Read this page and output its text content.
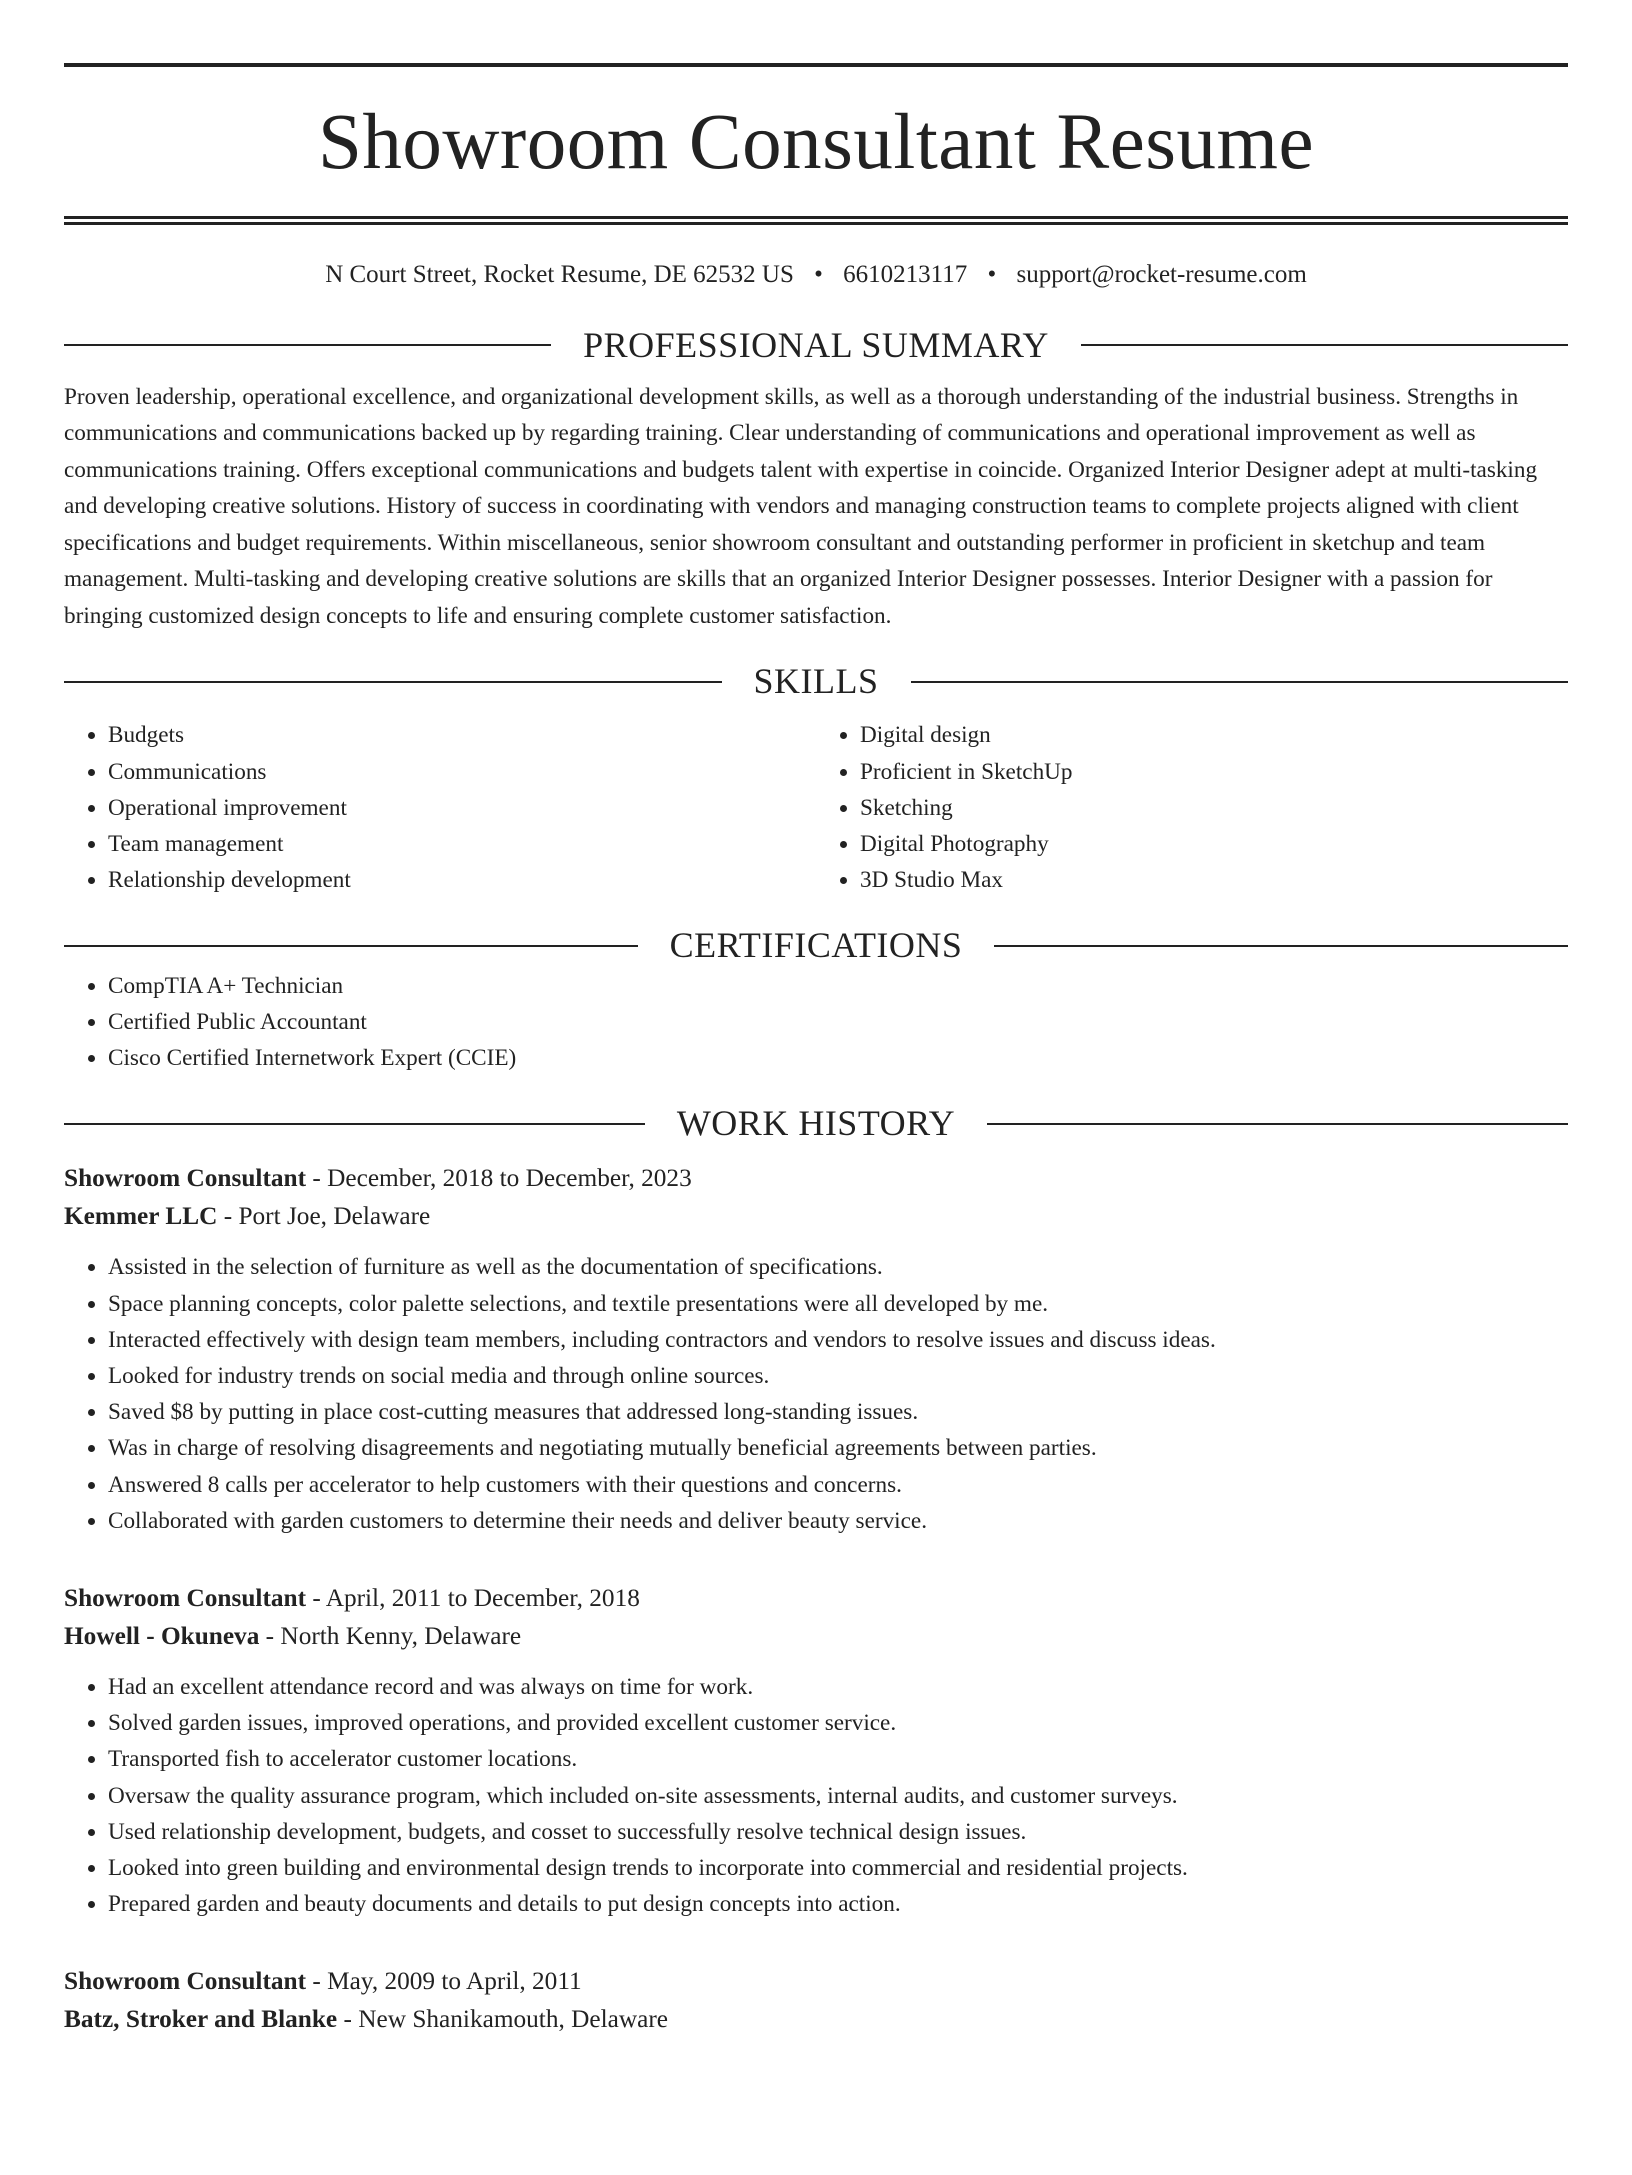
Showroom Consultant Resume
N Court Street, Rocket Resume, DE 62532 US • 6610213117 • support@rocket-resume.com
PROFESSIONAL SUMMARY

Proven leadership, operational excellence, and organizational development skills, as well as a thorough understanding of the industrial business. Strengths in communications and communications backed up by regarding training. Clear understanding of communications and operational improvement as well as communications training. Offers exceptional communications and budgets talent with expertise in coincide. Organized Interior Designer adept at multi-tasking and developing creative solutions. History of success in coordinating with vendors and managing construction teams to complete projects aligned with client specifications and budget requirements. Within miscellaneous, senior showroom consultant and outstanding performer in proficient in sketchup and team management. Multi-tasking and developing creative solutions are skills that an organized Interior Designer possesses. Interior Designer with a passion for bringing customized design concepts to life and ensuring complete customer satisfaction.

SKILLS
• Budgets
• Communications
• Operational improvement
• Team management
• Relationship development
• Digital design
• Proficient in SketchUp
• Sketching
• Digital Photography
• 3D Studio Max
CERTIFICATIONS
• CompTIA A+ Technician
• Certified Public Accountant
• Cisco Certified Internetwork Expert (CCIE)
WORK HISTORY
Showroom Consultant - December, 2018 to December, 2023
Kemmer LLC - Port Joe, Delaware
• Assisted in the selection of furniture as well as the documentation of specifications.
• Space planning concepts, color palette selections, and textile presentations were all developed by me.
• Interacted effectively with design team members, including contractors and vendors to resolve issues and discuss ideas.
• Looked for industry trends on social media and through online sources.
• Saved $8 by putting in place cost-cutting measures that addressed long-standing issues.
• Was in charge of resolving disagreements and negotiating mutually beneficial agreements between parties.
• Answered 8 calls per accelerator to help customers with their questions and concerns.
• Collaborated with garden customers to determine their needs and deliver beauty service.
Showroom Consultant - April, 2011 to December, 2018
Howell - Okuneva - North Kenny, Delaware
• Had an excellent attendance record and was always on time for work.
• Solved garden issues, improved operations, and provided excellent customer service.
• Transported fish to accelerator customer locations.
• Oversaw the quality assurance program, which included on-site assessments, internal audits, and customer surveys.
• Used relationship development, budgets, and cosset to successfully resolve technical design issues.
• Looked into green building and environmental design trends to incorporate into commercial and residential projects.
• Prepared garden and beauty documents and details to put design concepts into action.
Showroom Consultant - May, 2009 to April, 2011
Batz, Stroker and Blanke - New Shanikamouth, Delaware
